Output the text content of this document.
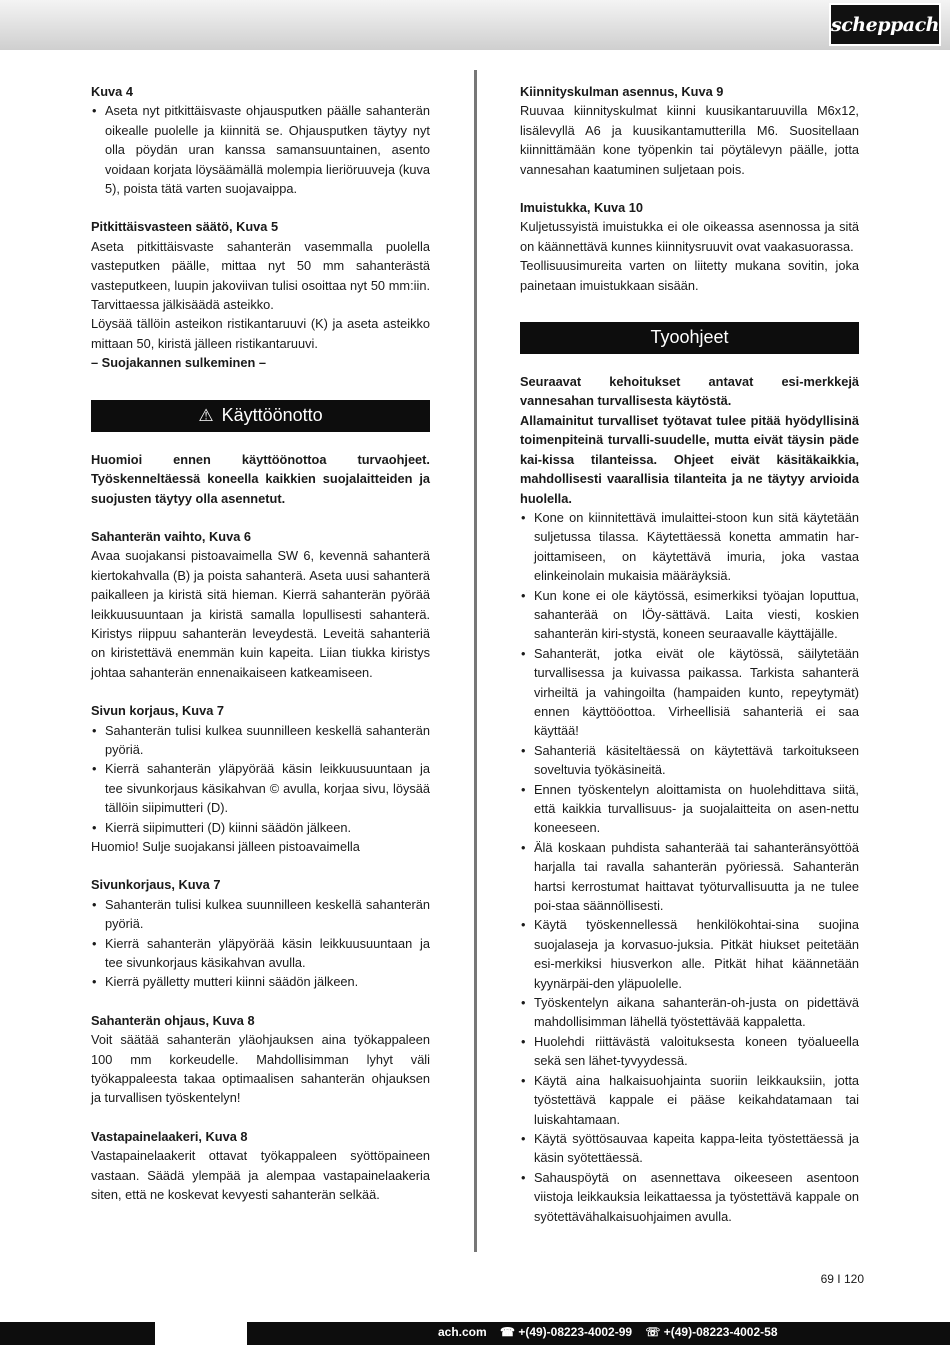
scheppach

Kuva 4

• Aseta nyt pitkittäisvaste ohjausputken päälle sahanterän oikealle puolelle ja kiinnitä se. Ohjausputken täytyy nyt olla pöydän uran kanssa samansuuntainen, asento voidaan korjata löysäämällä molempia lieriöruuveja (kuva 5), poista tätä varten suojavaippa.

Pitkittäisvasteen säätö, Kuva 5

Aseta pitkittäisvaste sahanterän vasemmalla puolella vasteputken päälle, mittaa nyt 50 mm sahanterästä vasteputkeen, luupin jakoviivan tulisi osoittaa nyt 50 mm:iin. Tarvittaessa jälkisäädä asteikko.

Löysää tällöin asteikon ristikantaruuvi (K) ja aseta asteikko mittaan 50, kiristä jälleen ristikantaruuvi.

– Suojakannen sulkeminen –

⚠ Käyttöönotto

Huomioi ennen käyttöönottoa turvaohjeet. Työskenneltäessä koneella kaikkien suojalaitteiden ja suojusten täytyy olla asennetut.

Sahanterän vaihto, Kuva 6

Avaa suojakansi pistoavaimella SW 6, kevennä sahanterä kiertokahvalla (B) ja poista sahanterä. Aseta uusi sahanterä paikalleen ja kiristä sitä hieman. Kierrä sahanterän pyörää leikkuusuuntaan ja kiristä samalla lopullisesti sahanterä. Kiristys riippuu sahanterän leveydestä. Leveitä sahanteriä on kiristettävä enemmän kuin kapeita. Liian tiukka kiristys johtaa sahanterän ennenaikaiseen katkeamiseen.

Sivun korjaus, Kuva 7

• Sahanterän tulisi kulkea suunnilleen keskellä sahanterän pyöriä.
• Kierrä sahanterän yläpyörää käsin leikkuusuuntaan ja tee sivunkorjaus käsikahvan © avulla, korjaa sivu, löysää tällöin siipimutteri (D).
• Kierrä siipimutteri (D) kiinni säädön jälkeen.

Huomio! Sulje suojakansi jälleen pistoavaimella

Sivunkorjaus, Kuva 7

• Sahanterän tulisi kulkea suunnilleen keskellä sahanterän pyöriä.
• Kierrä sahanterän yläpyörää käsin leikkuusuuntaan ja tee sivunkorjaus käsikahvan avulla.
• Kierrä pyälletty mutteri kiinni säädön jälkeen.

Sahanterän ohjaus, Kuva 8

Voit säätää sahanterän yläohjauksen aina työkappaleen 100 mm korkeudelle. Mahdollisimman lyhyt väli työkappaleesta takaa optimaalisen sahanterän ohjauksen ja turvallisen työskentelyn!

Vastapainelaakeri, Kuva 8

Vastapainelaakerit ottavat työkappaleen syöttöpaineen vastaan. Säädä ylempää ja alempaa vastapainelaakeria siten, että ne koskevat kevyesti sahanterän selkää.

Kiinnityskulman asennus, Kuva 9

Ruuvaa kiinnityskulmat kiinni kuusikantaruuvilla M6x12, lisälevyllä A6 ja kuusikantamutterilla M6. Suositellaan kiinnittämään kone työpenkin tai pöytälevyn päälle, jotta vannesahan kaatuminen suljetaan pois.

Imuistukka, Kuva 10

Kuljetussyistä imuistukka ei ole oikeassa asennossa ja sitä on käännettävä kunnes kiinnitysruuvit ovat vaakasuorassa.

Teollisuusimureita varten on liitetty mukana sovitin, joka painetaan imuistukkaan sisään.

Tyoohjeet

Seuraavat kehoitukset antavat esi-merkkejä vannesahan turvallisesta käytöstä.

Allamainitut turvalliset työtavat tulee pitää hyödyllisinä toimenpiteinä turvalli-suudelle, mutta eivät täysin päde kai-kissa tilanteissa. Ohjeet eivät käsitäkaikkia, mahdollisesti vaarallisia tilanteita ja ne täytyy arvioida huolella.

• Kone on kiinnitettävä imulaittei-stoon kun sitä käytetään suljetussa tilassa. Käytettäessä konetta ammatin har-joittamiseen, on käytettävä imuria, joka vastaa elinkeinolain mukaisia määräyksiä.
• Kun kone ei ole käytössä, esimerkiksi työajan loputtua, sahanterää on lÖy-sättävä. Laita viesti, koskien sahanterän kiri-stystä, koneen seuraavalle käyttäjälle.
• Sahanterät, jotka eivät ole käytössä, säilytetään turvallisessa ja kuivassa paikassa. Tarkista sahanterä virheiltä ja vahingoilta (hampaiden kunto, repeytymät) ennen käyttööottoa. Virheellisiä sahanteriä ei saa käyttää!
• Sahanteriä käsiteltäessä on käytettävä tarkoitukseen soveltuvia työkäsineitä.
• Ennen työskentelyn aloittamista on huolehdittava siitä, että kaikkia turvallisuus- ja suojalaitteita on asen-nettu koneeseen.
• Älä koskaan puhdista sahanterää tai sahanteränsyöttöä harjalla tai ravalla sahanterän pyöriessä. Sahanterän hartsi kerrostumat haittavat työturvallisuutta ja ne tulee poi-staa säännöllisesti.
• Käytä työskennellessä henkilökohtai-sina suojina suojalaseja ja korvasuo-juksia. Pitkät hiukset peitetään esi-merkiksi hiusverkon alle. Pitkät hihat käännetään kyynärpäi-den yläpuolelle.
• Työskentelyn aikana sahanterän-oh-justa on pidettävä mahdollisimman lähellä työstettävää kappaletta.
• Huolehdi riittävästä valoituksesta koneen työalueella sekä sen lähet-tyvyydessä.
• Käytä aina halkaisuohjainta suoriin leikkauksiin, jotta työstettävä kappale ei pääse keikahdatamaan tai luiskahtamaan.
• Käytä syöttösauvaa kapeita kappa-leita työstettäessä ja käsin syötettäessä.
• Sahauspöytä on asennettava oikeeseen asentoon viistoja leikkauksia leikattaessa ja työstettävä kappale on syötettävähalkaisuohjaimen avulla.
69 I 120
ach.com ☎ +(49)-08223-4002-99 ☏ +(49)-08223-4002-58
